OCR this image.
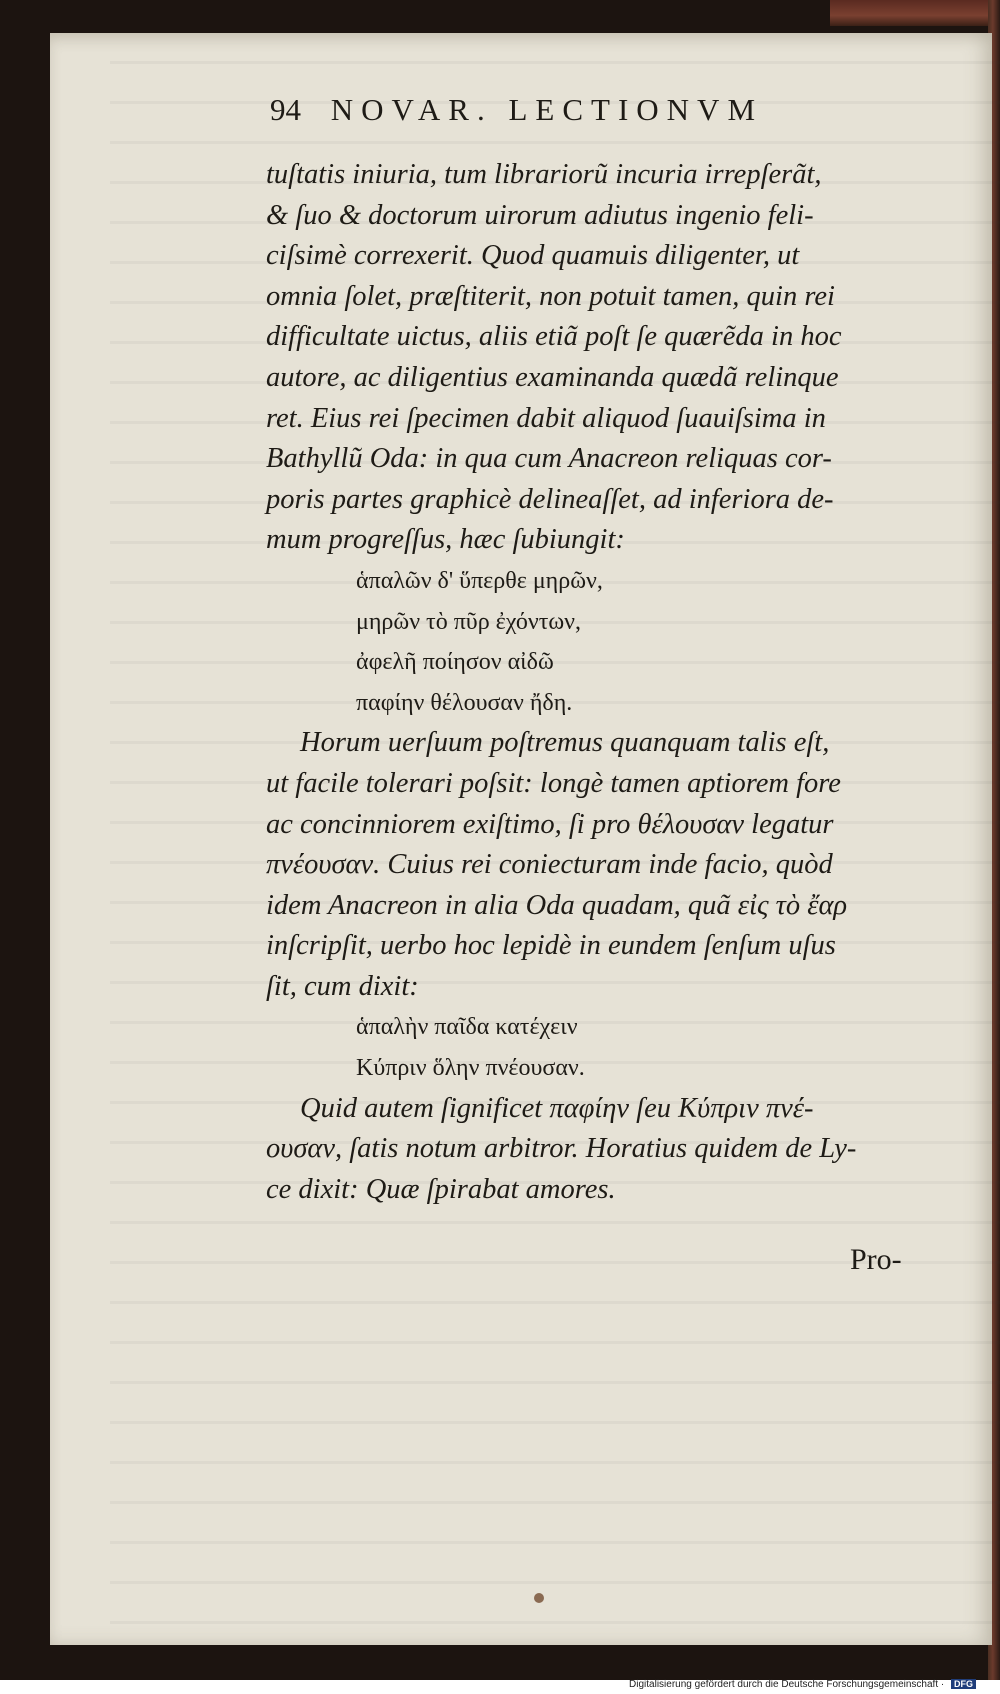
94 NOVAR. LECTIONVM
tuſtatis iniuria, tum librariorũ incuria irrepſerãt,
& ſuo & doctorum uirorum adiutus ingenio feli-
ciſsimè correxerit. Quod quamuis diligenter, ut
omnia ſolet, præſtiterit, non potuit tamen, quin rei
difficultate uictus, aliis etiã poſt ſe quærẽda in hoc
autore, ac diligentius examinanda quædã relinque
ret. Eius rei ſpecimen dabit aliquod ſuauiſsima in
Bathyllũ Oda: in qua cum Anacreon reliquas cor-
poris partes graphicè delineaſſet, ad inferiora de-
mum progreſſus, hæc ſubiungit:
ἁπαλῶν δ' ὕπερθε μηρῶν,
μηρῶν τὸ πῦρ ἐχόντων,
ἀφελῆ ποίησον αἰδῶ
παφίην θέλουσαν ἤδη.
Horum uerſuum poſtremus quanquam talis eſt,
ut facile tolerari poſsit: longè tamen aptiorem fore
ac concinniorem exiſtimo, ſi pro θέλουσαν legatur
πνέουσαν. Cuius rei coniecturam inde facio, quòd
idem Anacreon in alia Oda quadam, quã εἰς τὸ ἔαρ
inſcripſit, uerbo hoc lepidè in eundem ſenſum uſus
ſit, cum dixit:
ἁπαλὴν παῖδα κατέχειν
Κύπριν ὅλην πνέουσαν.
Quid autem ſignificet παφίην ſeu Κύπριν πνέ-
ουσαν, ſatis notum arbitror. Horatius quidem de Ly-
ce dixit: Quæ ſpirabat amores.
Pro-
Digitalisierung gefördert durch die Deutsche Forschungsgemeinschaft · DFG
